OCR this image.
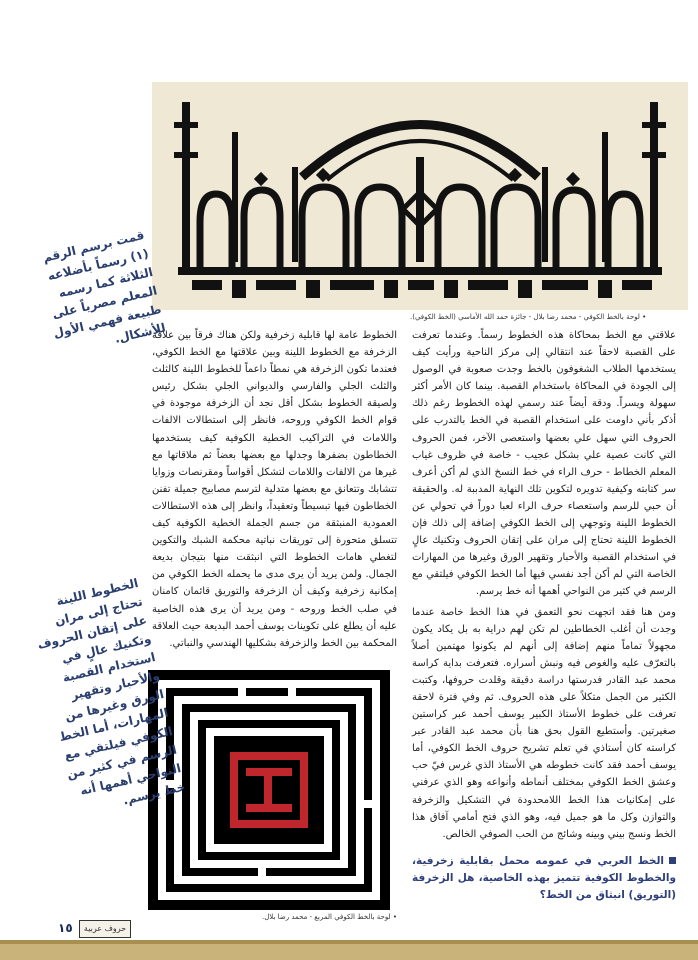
• لوحة بالخط الكوفي - محمد رضا بلال - جائزة حمد الله الأماسي (الخط الكوفي).

علاقتي مع الخط بمحاكاة هذه الخطوط رسماً. وعندما تعرفت على القصبة لاحقاً عند انتقالي إلى مركز الناحية ورأيت كيف يستخدمها الطلاب الشغوفون بالخط وجدت صعوبة في الوصول إلى الجودة في المحاكاة باستخدام القصبة. بينما كان الأمر أكثر سهولة ويسراً. ودقة أيضاً عند رسمي لهذه الخطوط رغم ذلك أذكر بأني داومت على استخدام القصبة في الخط بالتدرب على الحروف التي سهل علي بعضها واستعصى الآخر، فمن الحروف التي كانت عصية علي بشكل عجيب - خاصة في ظروف غياب المعلم الخطاط - حرف الراء في خط النسخ الذي لم أكن أعرف سر كتابته وكيفية تدويره لتكوين تلك النهاية المدببة له. والحقيقة أن حبي للرسم واستعصاء حرف الراء لعبا دوراً في تحولي عن الخطوط اللينة وتوجهي إلى الخط الكوفي إضافة إلى ذلك فإن الخطوط اللينة تحتاج إلى مران على إتقان الحروف وتكنيك عالٍ في استخدام القصبة والأحبار وتقهير الورق وغيرها من المهارات الخاصة التي لم أكن أجد نفسي فيها أما الخط الكوفي فيلتقي مع الرسم في كثير من النواحي أهمها أنه خط يرسم.

ومن هنا فقد اتجهت نحو التعمق في هذا الخط خاصة عندما وجدت أن أغلب الخطاطين لم تكن لهم دراية به بل يكاد يكون مجهولاً تماماً منهم إضافة إلى أنهم لم يكونوا مهتمين أصلاً بالتعرّف عليه والغوص فيه ونبش أسراره. فتعرفت بداية كراسة محمد عبد القادر فدرستها دراسة دقيقة وقلدت حروفها، وكتبت الكثير من الجمل متكلاً على هذه الحروف. ثم وفي فترة لاحقة تعرفت على خطوط الأستاذ الكبير يوسف أحمد عبر كراستين صغيرتين. وأستطيع القول بحق هنا بأن محمد عبد القادر عبر كراسته كان أستاذي في تعلم تشريح حروف الخط الكوفي، أما يوسف أحمد فقد كانت خطوطه هي الأستاذ الذي غرس فيّ حب وعشق الخط الكوفي بمختلف أنماطه وأنواعه وهو الذي عرفني على إمكانيات هذا الخط اللامحدودة في التشكيل والزخرفة والتوازن وكل ما هو جميل فيه، وهو الذي فتح أمامي آفاق هذا الخط ونسج بيني وبينه وشائج من الحب الصوفي الخالص.

الخطوط عامة لها قابلية زخرفية ولكن هناك فرقاً بين علاقة الزخرفة مع الخطوط اللينة وبين علاقتها مع الخط الكوفي، فعندما تكون الزخرفة هي نمطاً داعماً للخطوط اللينة كالثلث والثلث الجلي والفارسي والديواني الجلي بشكل رئيس ولصيقة الخطوط بشكل أقل نجد أن الزخرفة موجودة في قوام الخط الكوفي وروحه، فانظر إلى استطالات الالفات واللامات في التراكيب الخطية الكوفية كيف يستخدمها الخطاطون بضفرها وجدلها مع بعضها بعضاً ثم ملاقاتها مع غيرها من الالفات واللامات لتشكل أقواساً ومقرنصات وزوايا تتشابك وتتعانق مع بعضها متدلية لترسم مصابيح جميلة تفنن الخطاطون فيها تبسيطاً وتعقيداً، وانظر إلى هذه الاستطالات العمودية المنبثقة من جسم الجملة الخطية الكوفية كيف تتسلق متحورة إلى توريقات نباتية محكمة الشبك والتكوين لتغطي هامات الخطوط التي انبثقت منها بتيجان بديعة الجمال. ولمن يريد أن يرى مدى ما يحمله الخط الكوفي من إمكانية زخرفية وكيف أن الزخرفة والتوريق قائمان كامنان في صلب الخط وروحه - ومن يريد أن يرى هذه الخاصية عليه أن يطلع على تكوينات يوسف أحمد البديعة حيث العلاقة المحكمة بين الخط والزخرفة بشكليها الهندسي والنباتي.

• لوحة بالخط الكوفي المربع - محمد رضا بلال.
قمت برسم الرقم (١) رسماً بأضلاعه الثلاثة كما رسمه المعلم مصرياً على طبيعة فهمي الأول للأشكال.
الخطوط اللينة تحتاج إلى مران على إتقان الحروف وتكنيك عالٍ في استخدام القصبة والأحبار وتقهير الورق وغيرها من المهارات، أما الخط الكوفي فيلتقي مع الرسم في كثير من النواحي أهمها أنه خط يرسم.
الخط العربي في عمومه محمل بقابلية زخرفية، والخطوط الكوفية تتميز بهذه الخاصية، هل الزخرفة (التوريق) انبثاق من الخط؟
١٥	حروف عربية
